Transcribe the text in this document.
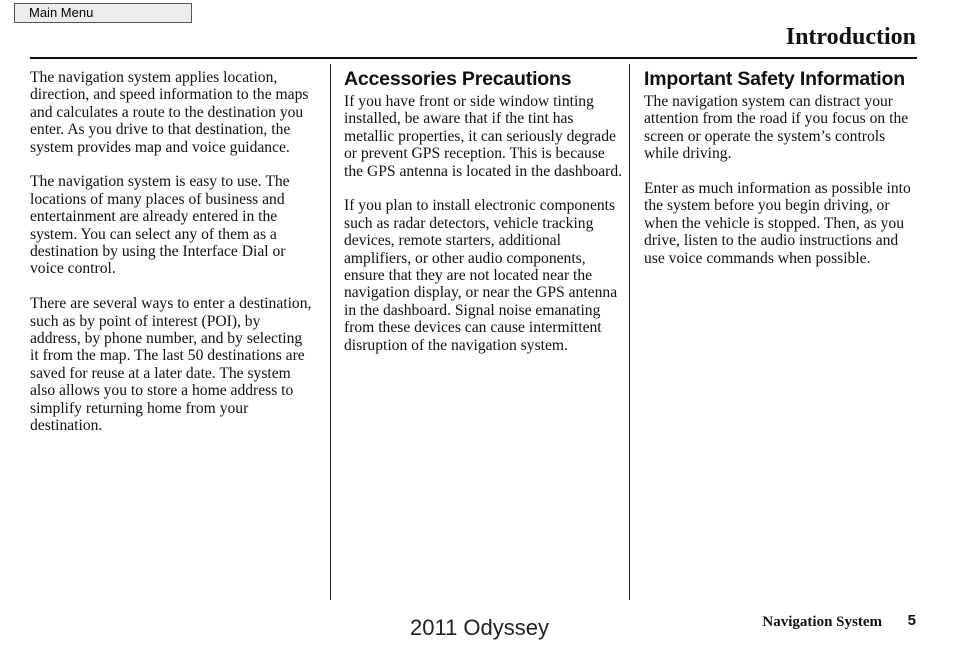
Main Menu
Introduction

The navigation system applies location, direction, and speed information to the maps and calculates a route to the destination you enter. As you drive to that destination, the system provides map and voice guidance.

The navigation system is easy to use. The locations of many places of business and entertainment are already entered in the system. You can select any of them as a destination by using the Interface Dial or voice control.

There are several ways to enter a destination, such as by point of interest (POI), by address, by phone number, and by selecting it from the map. The last 50 destinations are saved for reuse at a later date. The system also allows you to store a home address to simplify returning home from your destination.

Accessories Precautions

If you have front or side window tinting installed, be aware that if the tint has metallic properties, it can seriously degrade or prevent GPS reception. This is because the GPS antenna is located in the dashboard.

If you plan to install electronic components such as radar detectors, vehicle tracking devices, remote starters, additional amplifiers, or other audio components, ensure that they are not located near the navigation display, or near the GPS antenna in the dashboard. Signal noise emanating from these devices can cause intermittent disruption of the navigation system.

Important Safety Information

The navigation system can distract your attention from the road if you focus on the screen or operate the system’s controls while driving.

Enter as much information as possible into the system before you begin driving, or when the vehicle is stopped. Then, as you drive, listen to the audio instructions and use voice commands when possible.

Navigation System 5
2011 Odyssey
